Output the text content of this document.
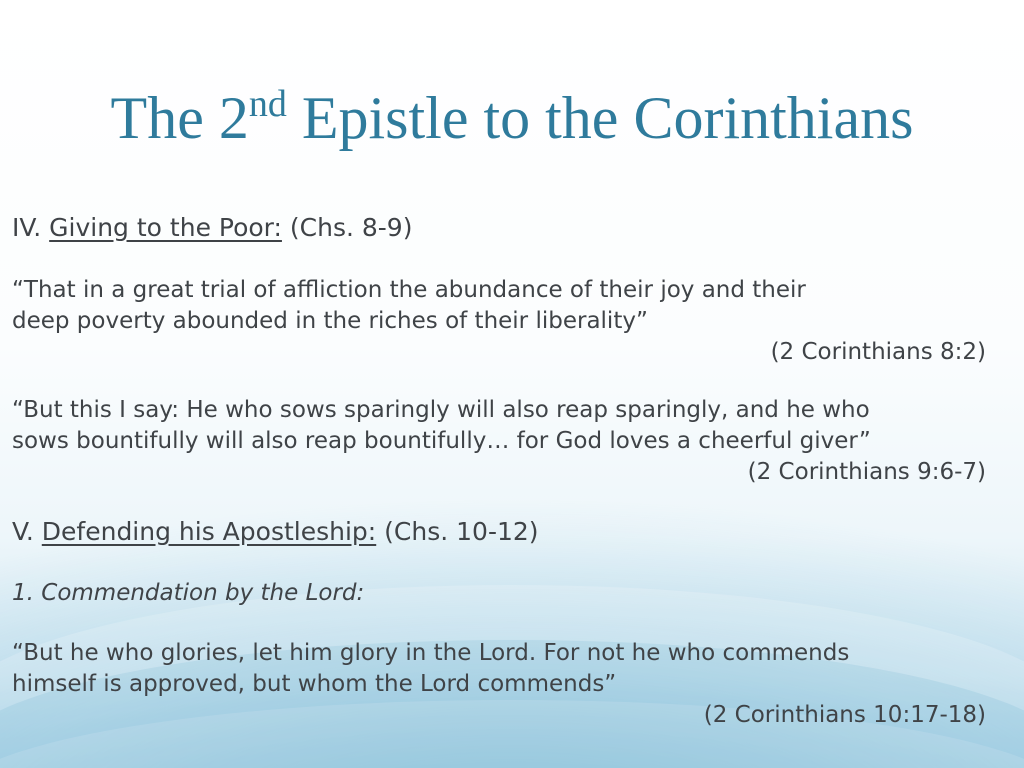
The 2nd Epistle to the Corinthians
IV. Giving to the Poor: (Chs. 8-9)
“That in a great trial of affliction the abundance of their joy and their
deep poverty abounded in the riches of their liberality”
(2 Corinthians 8:2)
“But this I say: He who sows sparingly will also reap sparingly, and he who
sows bountifully will also reap bountifully… for God loves a cheerful giver”
(2 Corinthians 9:6-7)
V. Defending his Apostleship: (Chs. 10-12)
1. Commendation by the Lord:
“But he who glories, let him glory in the Lord. For not he who commends
himself is approved, but whom the Lord commends”
(2 Corinthians 10:17-18)
